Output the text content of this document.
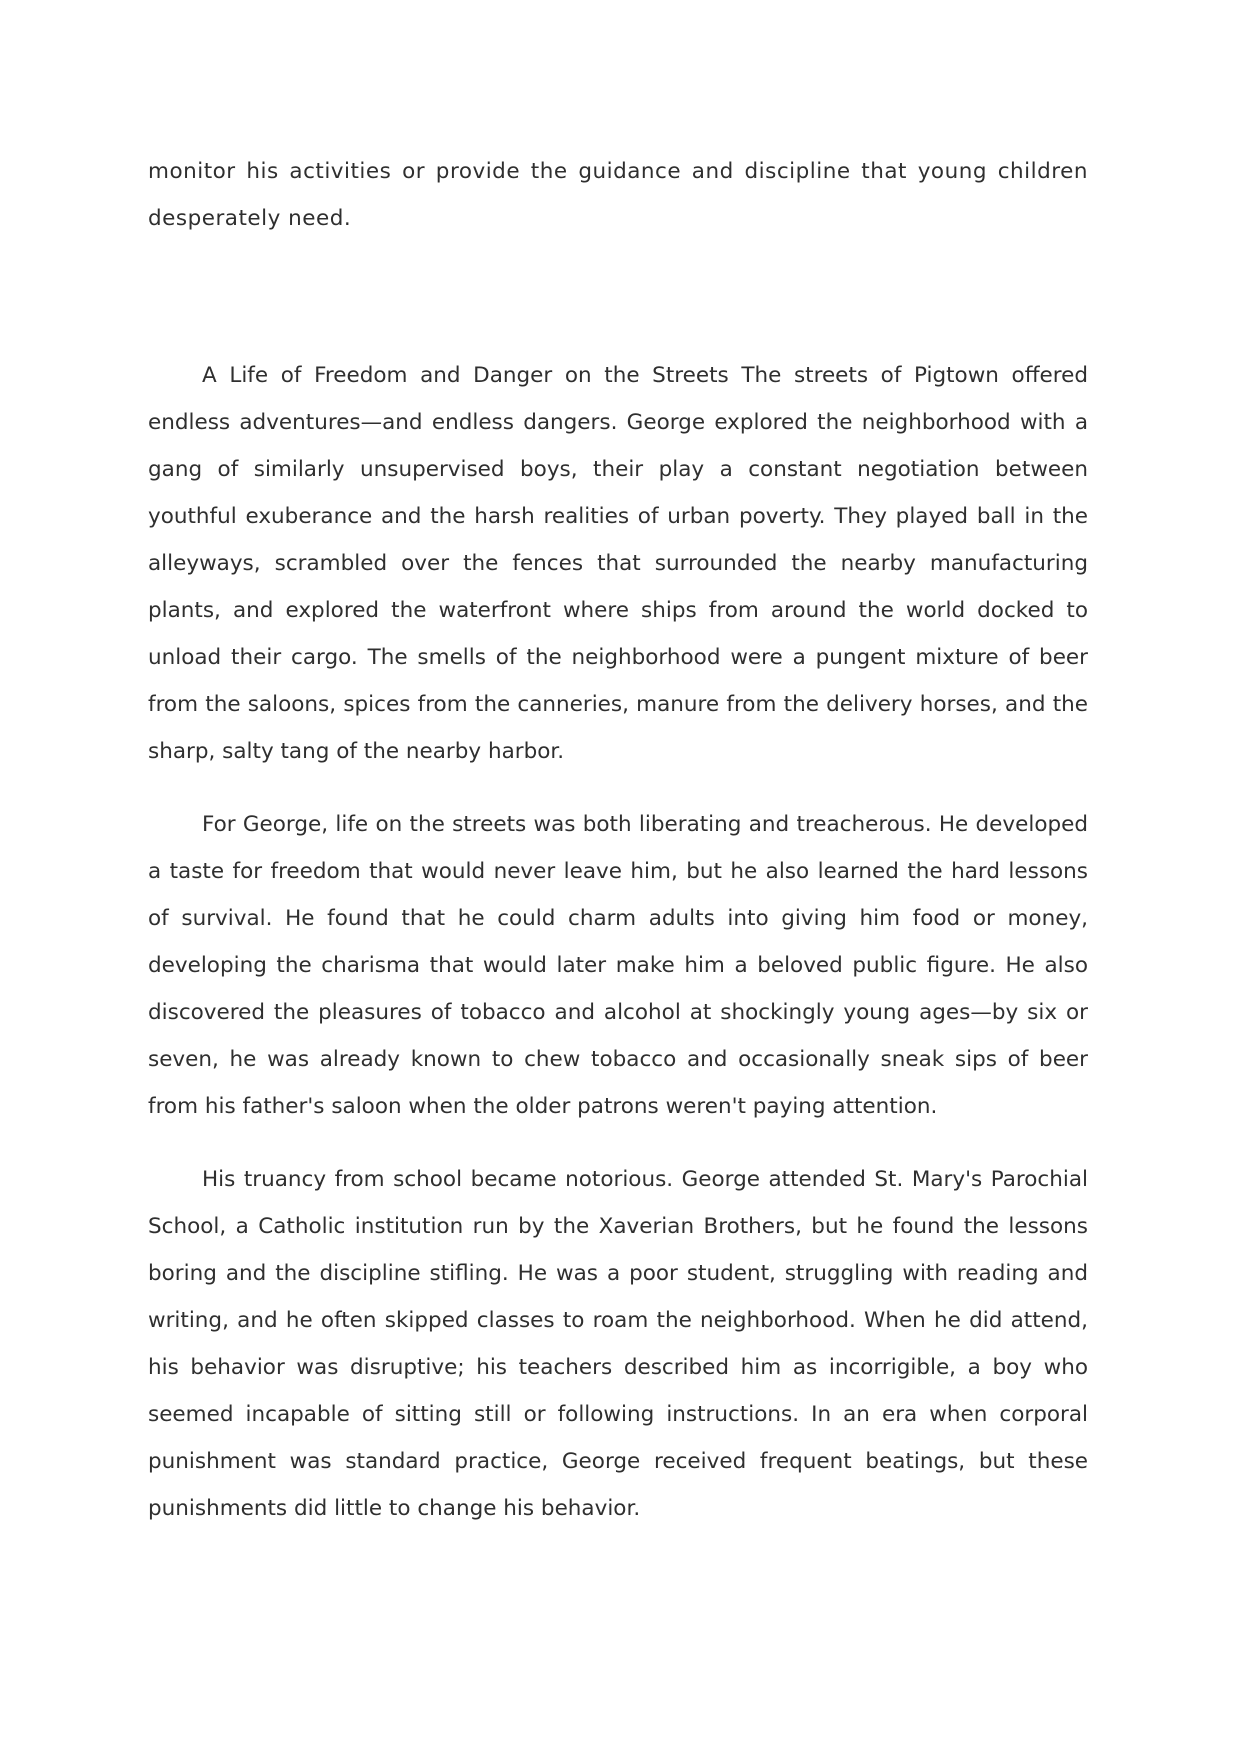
monitor his activities or provide the guidance and discipline that young children desperately need.

A Life of Freedom and Danger on the Streets The streets of Pigtown offered endless adventures—and endless dangers. George explored the neighborhood with a gang of similarly unsupervised boys, their play a constant negotiation between youthful exuberance and the harsh realities of urban poverty. They played ball in the alleyways, scrambled over the fences that surrounded the nearby manufacturing plants, and explored the waterfront where ships from around the world docked to unload their cargo. The smells of the neighborhood were a pungent mixture of beer from the saloons, spices from the canneries, manure from the delivery horses, and the sharp, salty tang of the nearby harbor.

For George, life on the streets was both liberating and treacherous. He developed a taste for freedom that would never leave him, but he also learned the hard lessons of survival. He found that he could charm adults into giving him food or money, developing the charisma that would later make him a beloved public figure. He also discovered the pleasures of tobacco and alcohol at shockingly young ages—by six or seven, he was already known to chew tobacco and occasionally sneak sips of beer from his father's saloon when the older patrons weren't paying attention.

His truancy from school became notorious. George attended St. Mary's Parochial School, a Catholic institution run by the Xaverian Brothers, but he found the lessons boring and the discipline stifling. He was a poor student, struggling with reading and writing, and he often skipped classes to roam the neighborhood. When he did attend, his behavior was disruptive; his teachers described him as incorrigible, a boy who seemed incapable of sitting still or following instructions. In an era when corporal punishment was standard practice, George received frequent beatings, but these punishments did little to change his behavior.
